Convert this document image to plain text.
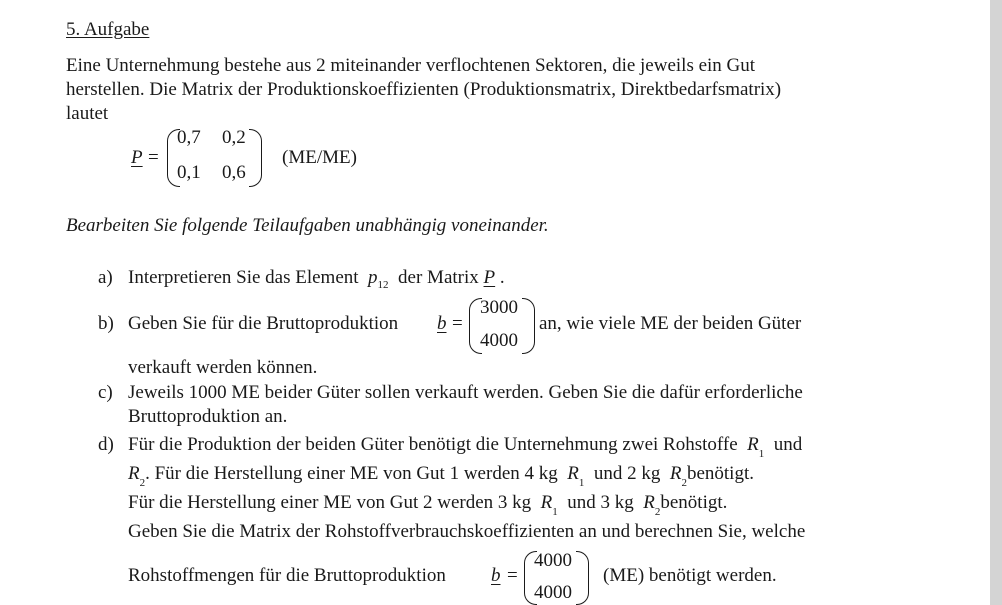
5. Aufgabe
Eine Unternehmung bestehe aus 2 miteinander verflochtenen Sektoren, die jeweils ein Gut
herstellen. Die Matrix der Produktionskoeffizienten (Produktionsmatrix, Direktbedarfsmatrix)
lautet
P =
0,7 0,2
0,1 0,6
(ME/ME)
Bearbeiten Sie folgende Teilaufgaben unabhängig voneinander.
a) Interpretieren Sie das Element $p_{12}$ der Matrix P .
b) Geben Sie für die Bruttoproduktion b =
3000
4000
an, wie viele ME der beiden Güter
verkauft werden können.
c) Jeweils 1000 ME beider Güter sollen verkauft werden. Geben Sie die dafür erforderliche
Bruttoproduktion an.
d) Für die Produktion der beiden Güter benötigt die Unternehmung zwei Rohstoffe $R_1$ und
$R_2$. Für die Herstellung einer ME von Gut 1 werden 4 kg $R_1$ und 2 kg $R_2benötigt$.
Für die Herstellung einer ME von Gut 2 werden 3 kg $R_1$ und 3 kg $R_2benötigt$.
Geben Sie die Matrix der Rohstoffverbrauchskoeffizienten an und berechnen Sie, welche
Rohstoffmengen für die Bruttoproduktion b =
4000
4000
(ME) benötigt werden.
